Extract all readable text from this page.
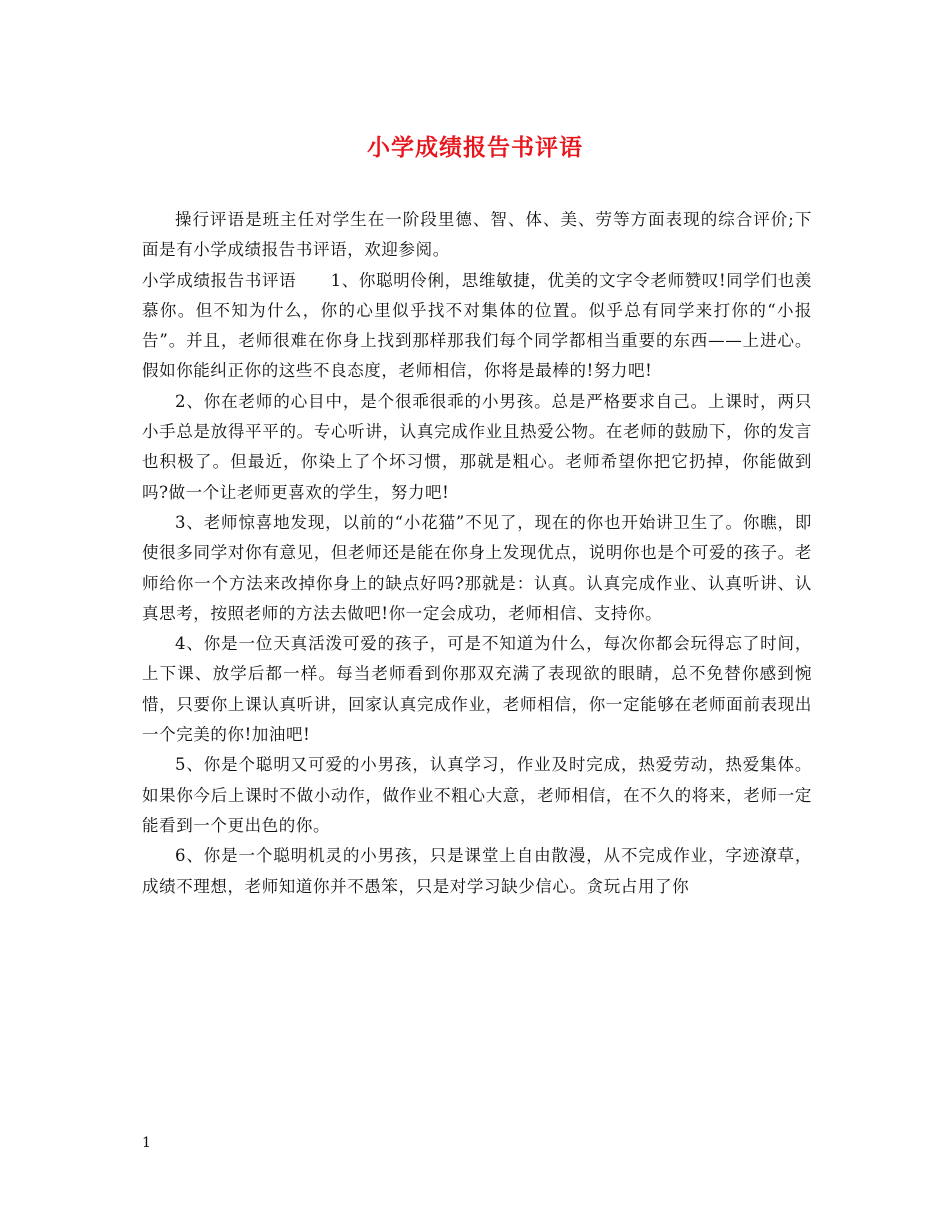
小学成绩报告书评语

操行评语是班主任对学生在一阶段里德、智、体、美、劳等方面表现的综合评价;下面是有小学成绩报告书评语，欢迎参阅。

小学成绩报告书评语　　1、你聪明伶俐，思维敏捷，优美的文字令老师赞叹!同学们也羡慕你。但不知为什么，你的心里似乎找不对集体的位置。似乎总有同学来打你的“小报告”。并且，老师很难在你身上找到那样那我们每个同学都相当重要的东西——上进心。假如你能纠正你的这些不良态度，老师相信，你将是最棒的!努力吧!

2、你在老师的心目中，是个很乖很乖的小男孩。总是严格要求自己。上课时，两只小手总是放得平平的。专心听讲，认真完成作业且热爱公物。在老师的鼓励下，你的发言也积极了。但最近，你染上了个坏习惯，那就是粗心。老师希望你把它扔掉，你能做到吗?做一个让老师更喜欢的学生，努力吧!

3、老师惊喜地发现，以前的“小花猫”不见了，现在的你也开始讲卫生了。你瞧，即使很多同学对你有意见，但老师还是能在你身上发现优点，说明你也是个可爱的孩子。老师给你一个方法来改掉你身上的缺点好吗?那就是：认真。认真完成作业、认真听讲、认真思考，按照老师的方法去做吧!你一定会成功，老师相信、支持你。

4、你是一位天真活泼可爱的孩子，可是不知道为什么，每次你都会玩得忘了时间，上下课、放学后都一样。每当老师看到你那双充满了表现欲的眼睛，总不免替你感到惋惜，只要你上课认真听讲，回家认真完成作业，老师相信，你一定能够在老师面前表现出一个完美的你!加油吧!

5、你是个聪明又可爱的小男孩，认真学习，作业及时完成，热爱劳动，热爱集体。如果你今后上课时不做小动作，做作业不粗心大意，老师相信，在不久的将来，老师一定能看到一个更出色的你。

6、你是一个聪明机灵的小男孩，只是课堂上自由散漫，从不完成作业，字迹潦草，成绩不理想，老师知道你并不愚笨，只是对学习缺少信心。贪玩占用了你

1
